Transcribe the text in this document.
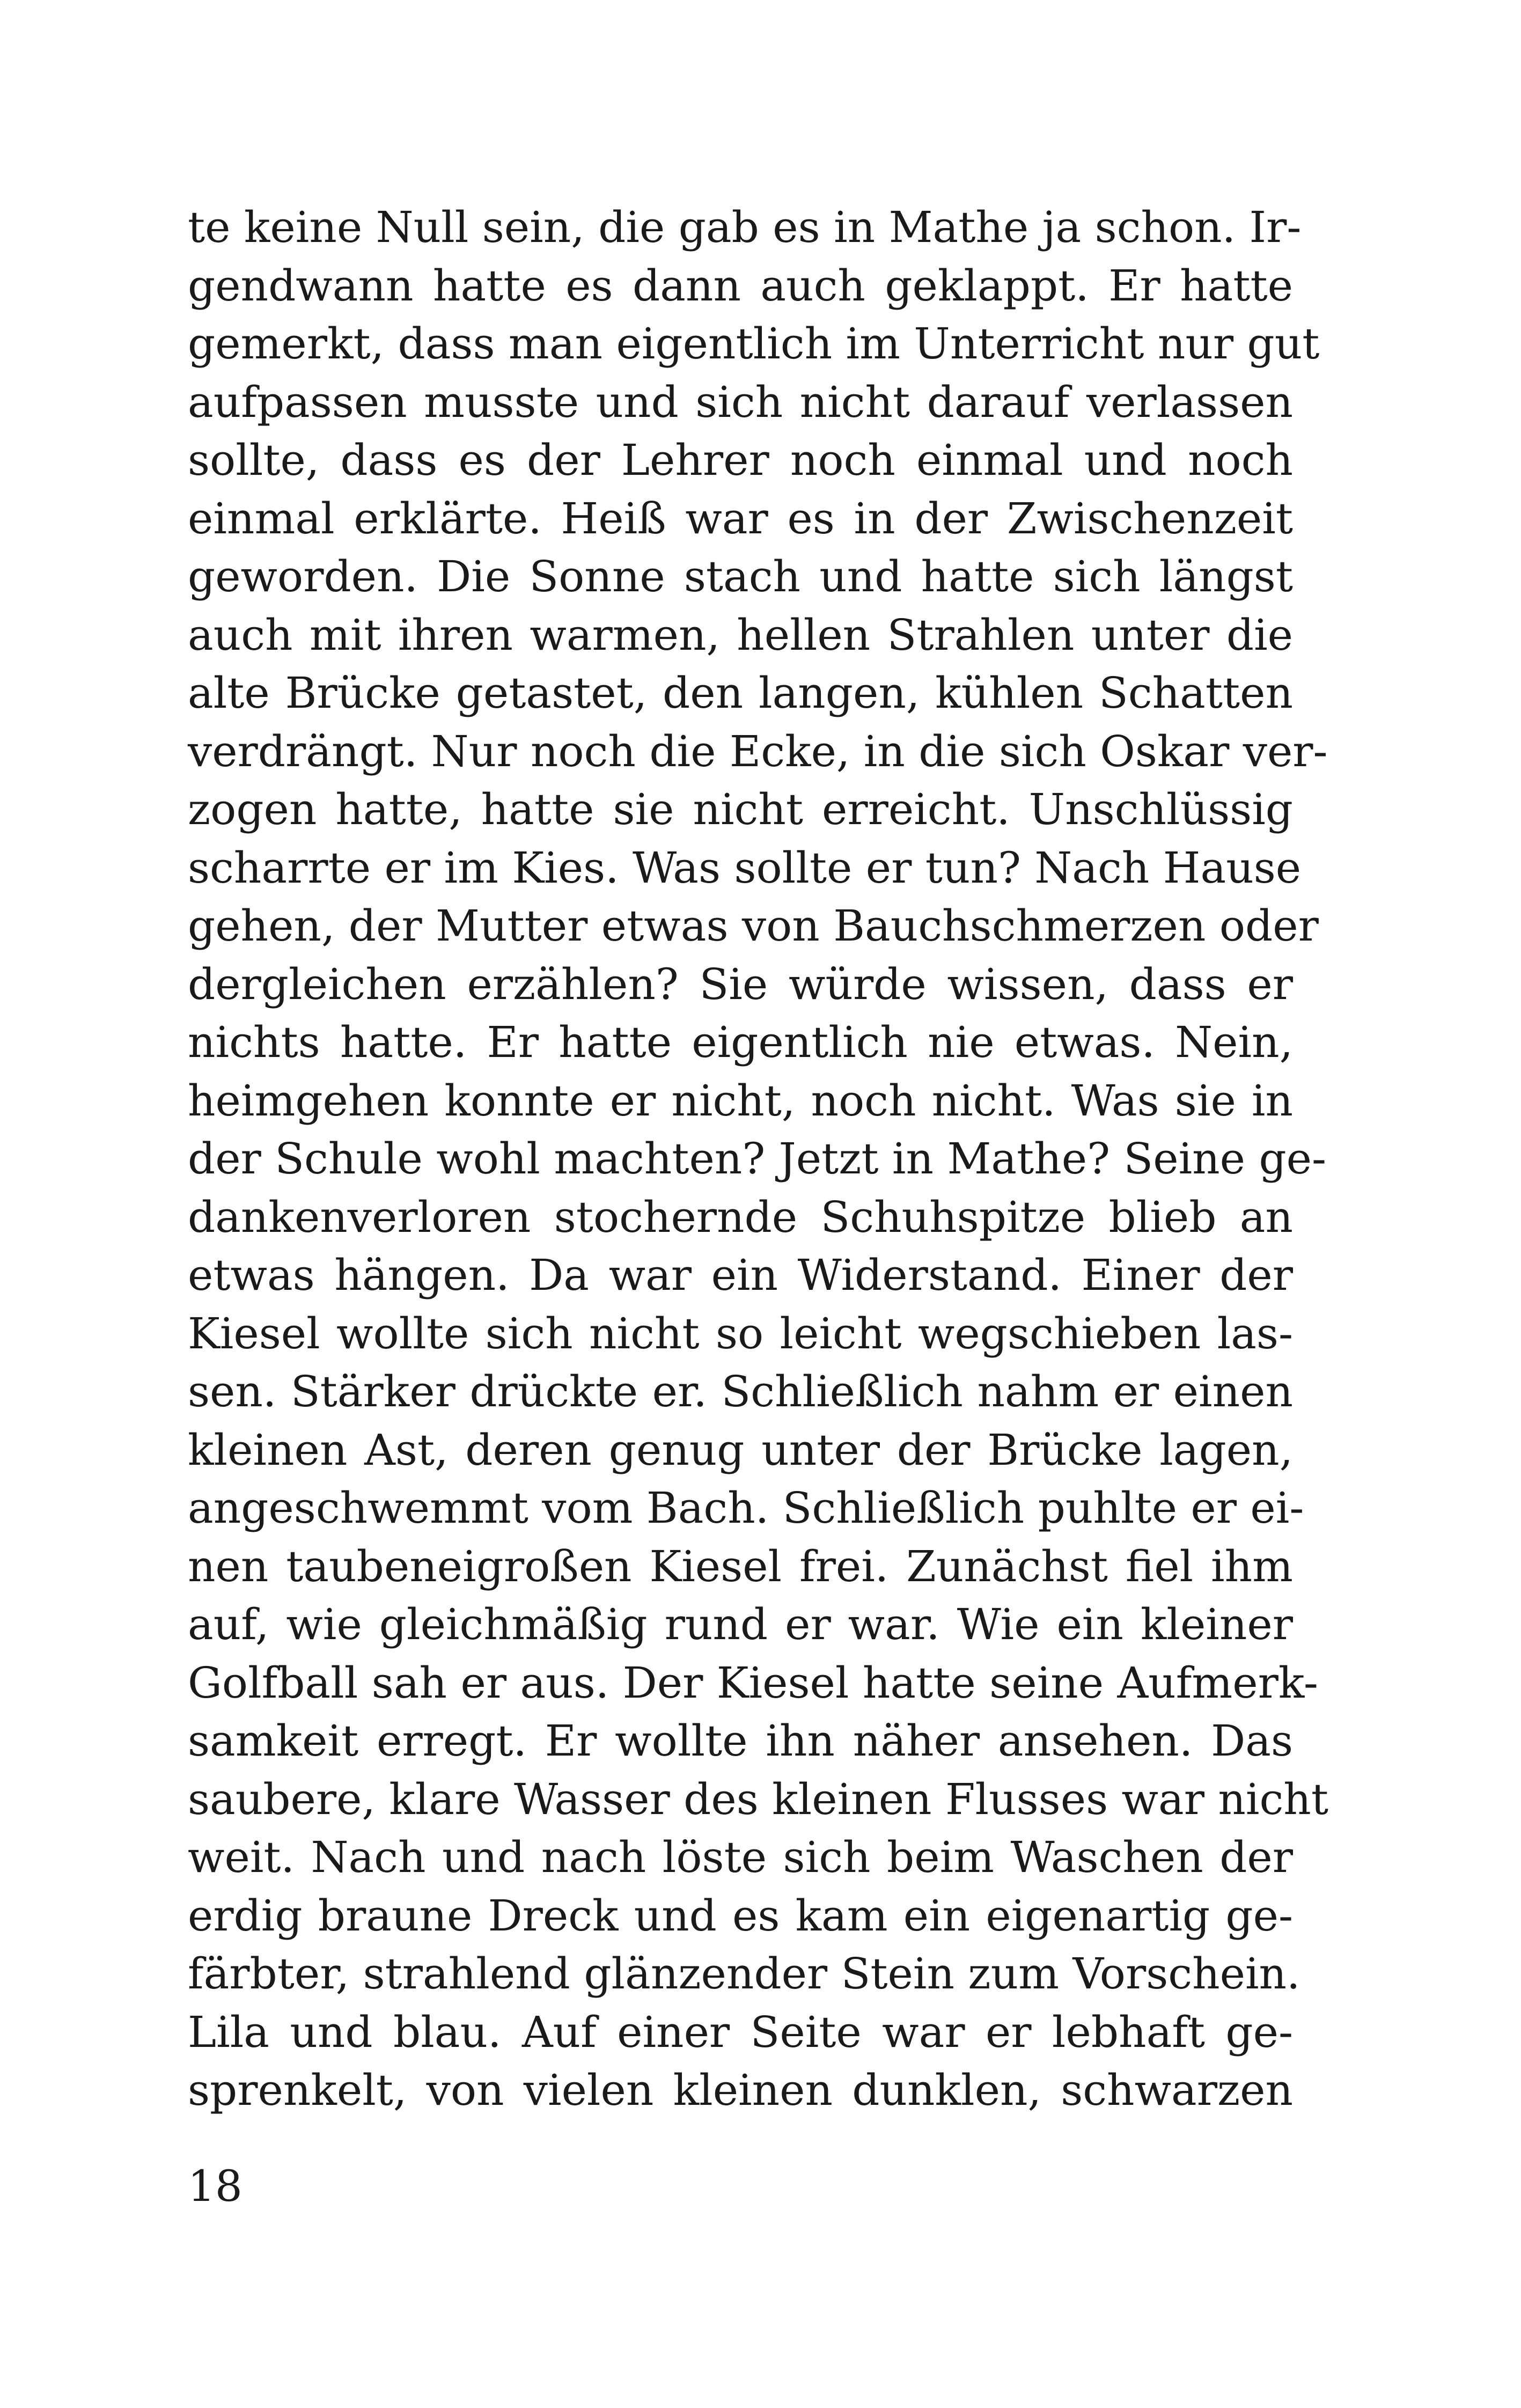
te keine Null sein, die gab es in Mathe ja schon. Ir-
gendwann hatte es dann auch geklappt. Er hatte
gemerkt, dass man eigentlich im Unterricht nur gut
aufpassen musste und sich nicht darauf verlassen
sollte, dass es der Lehrer noch einmal und noch
einmal erklärte. Heiß war es in der Zwischenzeit
geworden. Die Sonne stach und hatte sich längst
auch mit ihren warmen, hellen Strahlen unter die
alte Brücke getastet, den langen, kühlen Schatten
verdrängt. Nur noch die Ecke, in die sich Oskar ver-
zogen hatte, hatte sie nicht erreicht. Unschlüssig
scharrte er im Kies. Was sollte er tun? Nach Hause
gehen, der Mutter etwas von Bauchschmerzen oder
dergleichen erzählen? Sie würde wissen, dass er
nichts hatte. Er hatte eigentlich nie etwas. Nein,
heimgehen konnte er nicht, noch nicht. Was sie in
der Schule wohl machten? Jetzt in Mathe? Seine ge-
dankenverloren stochernde Schuhspitze blieb an
etwas hängen. Da war ein Widerstand. Einer der
Kiesel wollte sich nicht so leicht wegschieben las-
sen. Stärker drückte er. Schließlich nahm er einen
kleinen Ast, deren genug unter der Brücke lagen,
angeschwemmt vom Bach. Schließlich puhlte er ei-
nen taubeneigroßen Kiesel frei. Zunächst fiel ihm
auf, wie gleichmäßig rund er war. Wie ein kleiner
Golfball sah er aus. Der Kiesel hatte seine Aufmerk-
samkeit erregt. Er wollte ihn näher ansehen. Das
saubere, klare Wasser des kleinen Flusses war nicht
weit. Nach und nach löste sich beim Waschen der
erdig braune Dreck und es kam ein eigenartig ge-
färbter, strahlend glänzender Stein zum Vorschein.
Lila und blau. Auf einer Seite war er lebhaft ge-
sprenkelt, von vielen kleinen dunklen, schwarzen
18
